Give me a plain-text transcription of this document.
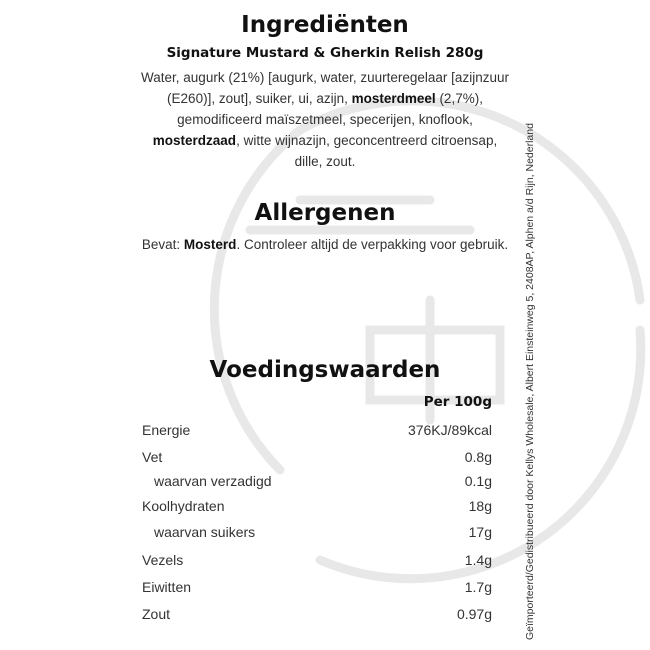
Ingrediënten
Signature Mustard & Gherkin Relish 280g
Water, augurk (21%) [augurk, water, zuurteregelaar [azijnzuur (E260)], zout], suiker, ui, azijn, mosterdmeel (2,7%), gemodificeerd maïszetmeel, specerijen, knoflook, mosterdzaad, witte wijnazijn, geconcentreerd citroensap, dille, zout.
Allergenen
Bevat: Mosterd. Controleer altijd de verpakking voor gebruik.
Voedingswaarden
Per 100g
Energie	376KJ/89kcal
Vet	0.8g
waarvan verzadigd	0.1g
Koolhydraten	18g
waarvan suikers	17g
Vezels	1.4g
Eiwitten	1.7g
Zout	0.97g	Geïmporteerd/Gedistribueerd door Kellys Wholesale, Albert Einsteinweg 5, 2408AP, Alphen a/d Rijn, Nederland
